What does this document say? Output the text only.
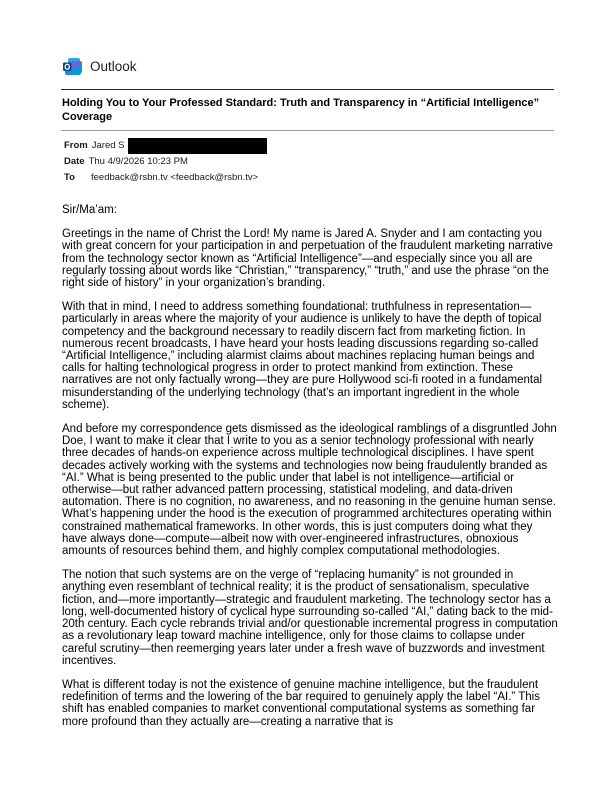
Outlook
Holding You to Your Professed Standard: Truth and Transparency in “Artificial Intelligence” Coverage
From Jared S
Date Thu 4/9/2026 10:23 PM
To	feedback@rsbn.tv <feedback@rsbn.tv>

Sir/Ma’am:

Greetings in the name of Christ the Lord! My name is Jared A. Snyder and I am contacting you with great concern for your participation in and perpetuation of the fraudulent marketing narrative from the technology sector known as “Artificial Intelligence”—and especially since you all are regularly tossing about words like “Christian,” “transparency,” “truth,” and use the phrase “on the right side of history” in your organization’s branding.

With that in mind, I need to address something foundational: truthfulness in representation—particularly in areas where the majority of your audience is unlikely to have the depth of topical competency and the background necessary to readily discern fact from marketing fiction. In numerous recent broadcasts, I have heard your hosts leading discussions regarding so-called “Artificial Intelligence,” including alarmist claims about machines replacing human beings and calls for halting technological progress in order to protect mankind from extinction. These narratives are not only factually wrong—they are pure Hollywood sci-fi rooted in a fundamental misunderstanding of the underlying technology (that’s an important ingredient in the whole scheme).

And before my correspondence gets dismissed as the ideological ramblings of a disgruntled John Doe, I want to make it clear that I write to you as a senior technology professional with nearly three decades of hands-on experience across multiple technological disciplines. I have spent decades actively working with the systems and technologies now being fraudulently branded as “AI.” What is being presented to the public under that label is not intelligence—artificial or otherwise—but rather advanced pattern processing, statistical modeling, and data-driven automation. There is no cognition, no awareness, and no reasoning in the genuine human sense. What’s happening under the hood is the execution of programmed architectures operating within constrained mathematical frameworks. In other words, this is just computers doing what they have always done—compute—albeit now with over-engineered infrastructures, obnoxious amounts of resources behind them, and highly complex computational methodologies.

The notion that such systems are on the verge of “replacing humanity” is not grounded in anything even resemblant of technical reality; it is the product of sensationalism, speculative fiction, and—more importantly—strategic and fraudulent marketing. The technology sector has a long, well-documented history of cyclical hype surrounding so-called “AI,” dating back to the mid-20th century. Each cycle rebrands trivial and/or questionable incremental progress in computation as a revolutionary leap toward machine intelligence, only for those claims to collapse under careful scrutiny—then reemerging years later under a fresh wave of buzzwords and investment incentives.

What is different today is not the existence of genuine machine intelligence, but the fraudulent redefinition of terms and the lowering of the bar required to genuinely apply the label “AI.” This shift has enabled companies to market conventional computational systems as something far more profound than they actually are—creating a narrative that is
